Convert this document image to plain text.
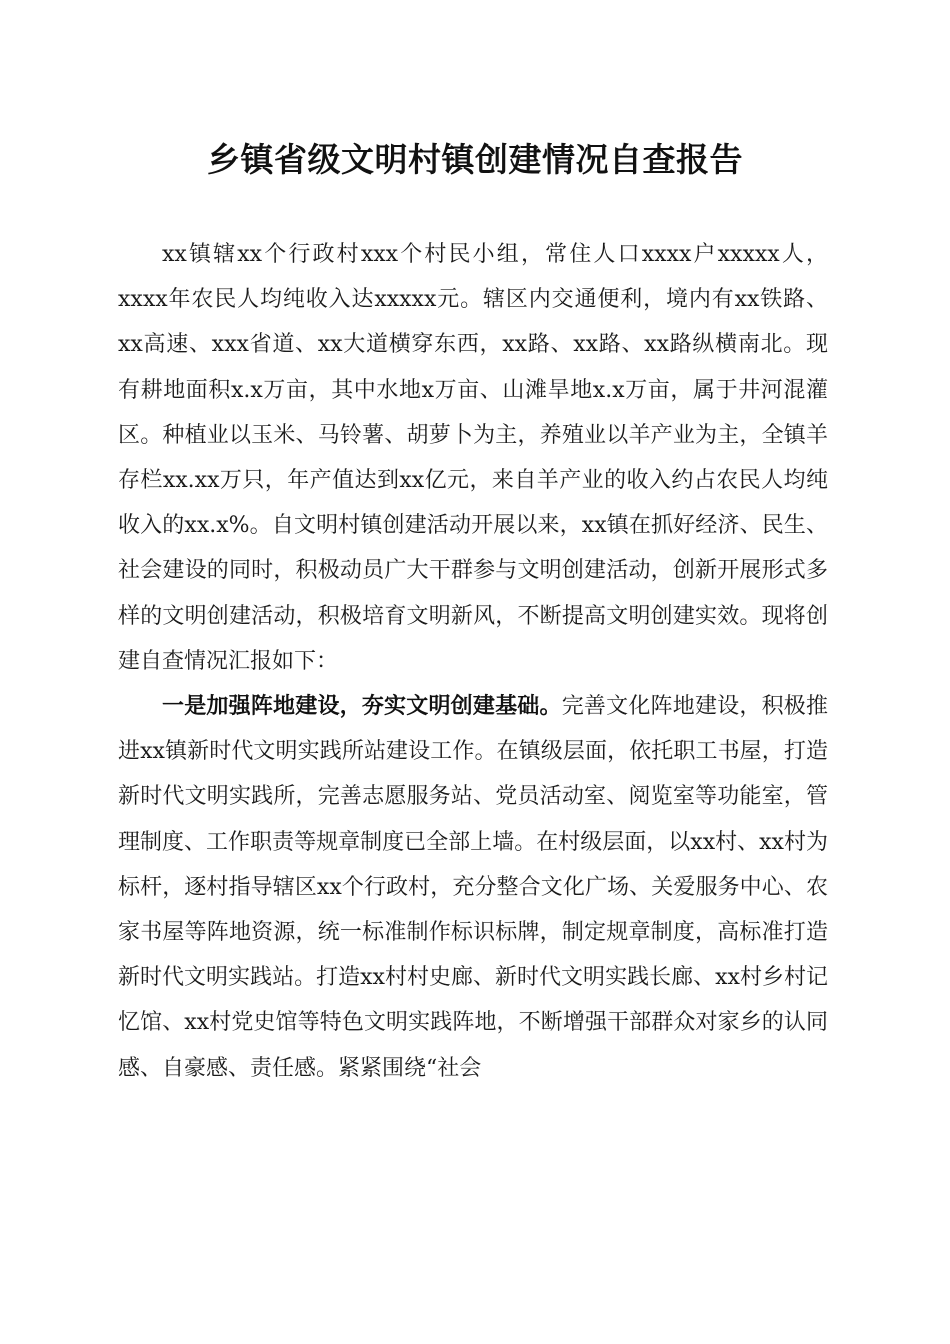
乡镇省级文明村镇创建情况自查报告

xx镇辖xx个行政村xxx个村民小组，常住人口xxxx户xxxxx人，xxxx年农民人均纯收入达xxxxx元。辖区内交通便利，境内有xx铁路、xx高速、xxx省道、xx大道横穿东西，xx路、xx路、xx路纵横南北。现有耕地面积x.x万亩，其中水地x万亩、山滩旱地x.x万亩，属于井河混灌区。种植业以玉米、马铃薯、胡萝卜为主，养殖业以羊产业为主，全镇羊存栏xx.xx万只，年产值达到xx亿元，来自羊产业的收入约占农民人均纯收入的xx.x%。自文明村镇创建活动开展以来，xx镇在抓好经济、民生、社会建设的同时，积极动员广大干群参与文明创建活动，创新开展形式多样的文明创建活动，积极培育文明新风，不断提高文明创建实效。现将创建自查情况汇报如下：

一是加强阵地建设，夯实文明创建基础。完善文化阵地建设，积极推进xx镇新时代文明实践所站建设工作。在镇级层面，依托职工书屋，打造新时代文明实践所，完善志愿服务站、党员活动室、阅览室等功能室，管理制度、工作职责等规章制度已全部上墙。在村级层面，以xx村、xx村为标杆，逐村指导辖区xx个行政村，充分整合文化广场、关爱服务中心、农家书屋等阵地资源，统一标准制作标识标牌，制定规章制度，高标准打造新时代文明实践站。打造xx村村史廊、新时代文明实践长廊、xx村乡村记忆馆、xx村党史馆等特色文明实践阵地，不断增强干部群众对家乡的认同感、自豪感、责任感。紧紧围绕“社会
